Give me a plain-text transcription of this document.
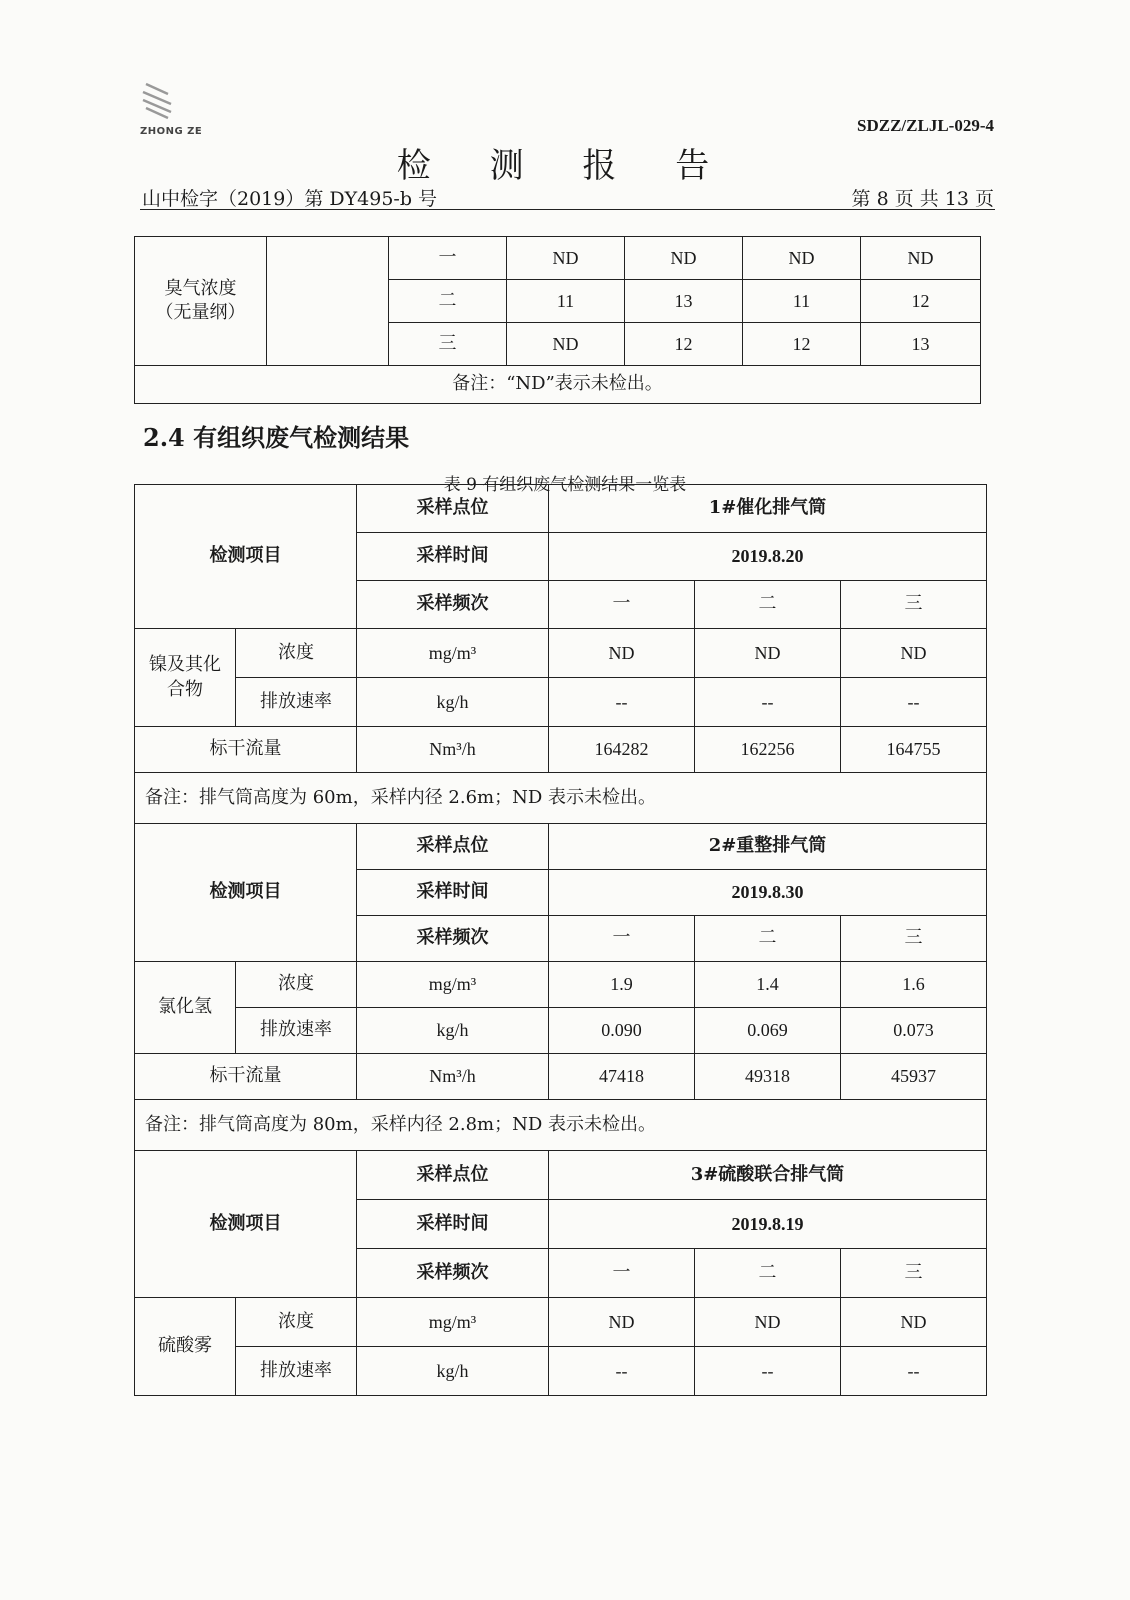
ZHONG ZE	SDZZ/ZLJL-029-4
检 测 报 告
山中检字（2019）第 DY495-b 号	第 8 页 共 13 页
臭气浓度
（无量纲）		一	ND	ND	ND	ND
		二	11	13	11	12
		三	ND	12	12	13
备注：“ND”表示未检出。						
2.4 有组织废气检测结果
表 9 有组织废气检测结果一览表
检测项目		采样点位	1#催化排气筒		
		采样时间	2019.8.20		
		采样频次	一	二	三
镍及其化
合物	浓度	mg/m³	ND	ND	ND
	排放速率	kg/h	--	--	--
标干流量		Nm³/h	164282	162256	164755
备注：排气筒高度为 60m，采样内径 2.6m；ND 表示未检出。					
检测项目		采样点位	2#重整排气筒		
		采样时间	2019.8.30		
		采样频次	一	二	三
氯化氢	浓度	mg/m³	1.9	1.4	1.6
	排放速率	kg/h	0.090	0.069	0.073
标干流量		Nm³/h	47418	49318	45937
备注：排气筒高度为 80m，采样内径 2.8m；ND 表示未检出。					
检测项目		采样点位	3#硫酸联合排气筒		
		采样时间	2019.8.19		
		采样频次	一	二	三
硫酸雾	浓度	mg/m³	ND	ND	ND
	排放速率	kg/h	--	--	--
